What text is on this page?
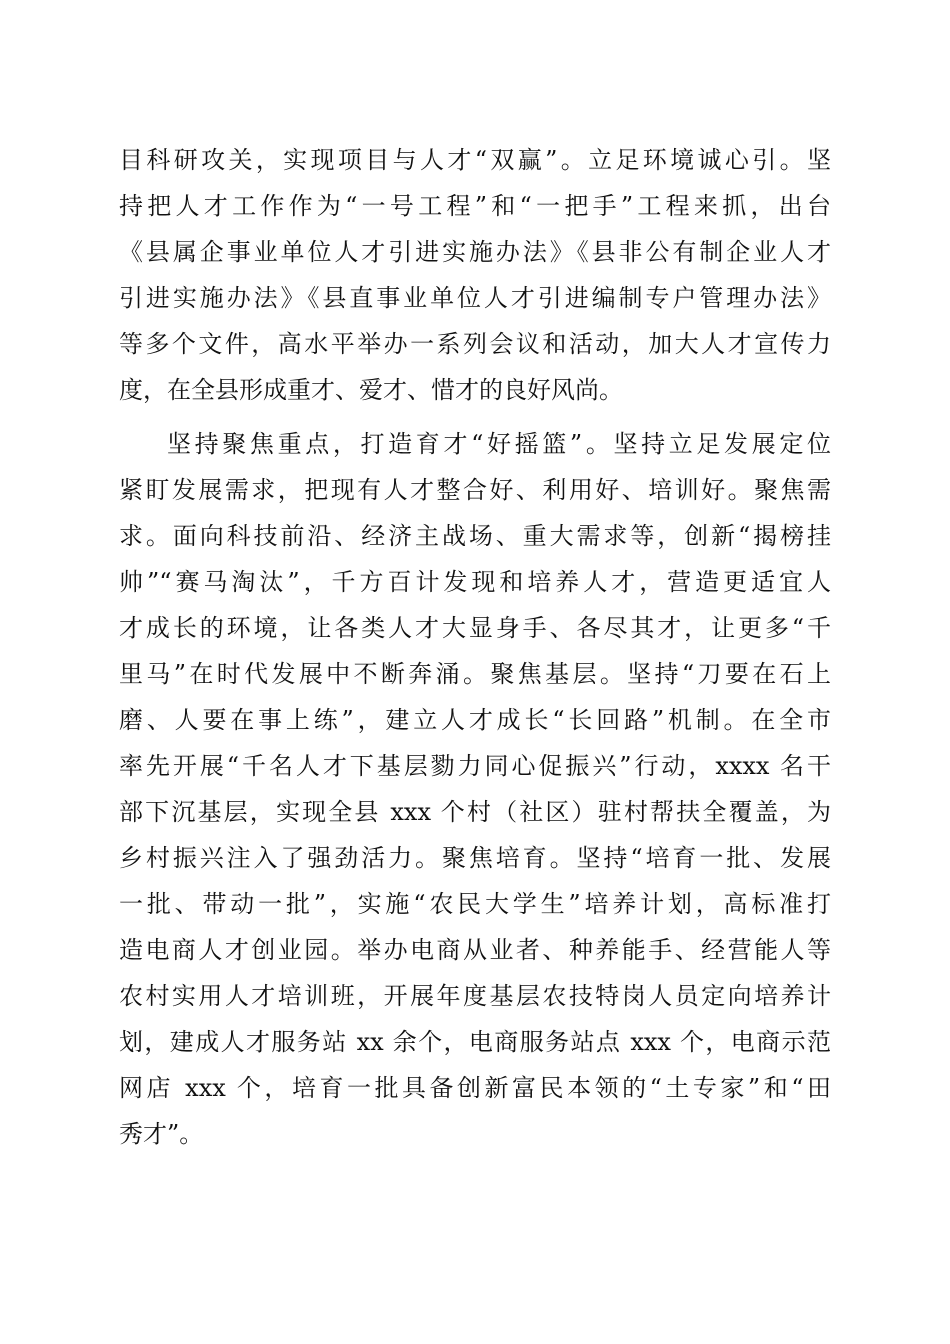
目科研攻关，实现项目与人才“双赢”。立足环境诚心引。坚
持把人才工作作为“一号工程”和“一把手”工程来抓，出台
《县属企事业单位人才引进实施办法》《县非公有制企业人才
引进实施办法》《县直事业单位人才引进编制专户管理办法》
等多个文件，高水平举办一系列会议和活动，加大人才宣传力
度，在全县形成重才、爱才、惜才的良好风尚。
坚持聚焦重点，打造育才“好摇篮”。坚持立足发展定位
紧盯发展需求，把现有人才整合好、利用好、培训好。聚焦需
求。面向科技前沿、经济主战场、重大需求等，创新“揭榜挂
帅”“赛马淘汰”，千方百计发现和培养人才，营造更适宜人
才成长的环境，让各类人才大显身手、各尽其才，让更多“千
里马”在时代发展中不断奔涌。聚焦基层。坚持“刀要在石上
磨、人要在事上练”，建立人才成长“长回路”机制。在全市
率先开展“千名人才下基层勠力同心促振兴”行动，xxxx 名干
部下沉基层，实现全县 xxx 个村（社区）驻村帮扶全覆盖，为
乡村振兴注入了强劲活力。聚焦培育。坚持“培育一批、发展
一批、带动一批”，实施“农民大学生”培养计划，高标准打
造电商人才创业园。举办电商从业者、种养能手、经营能人等
农村实用人才培训班，开展年度基层农技特岗人员定向培养计
划，建成人才服务站 xx 余个，电商服务站点 xxx 个，电商示范
网店 xxx 个，培育一批具备创新富民本领的“土专家”和“田
秀才”。
